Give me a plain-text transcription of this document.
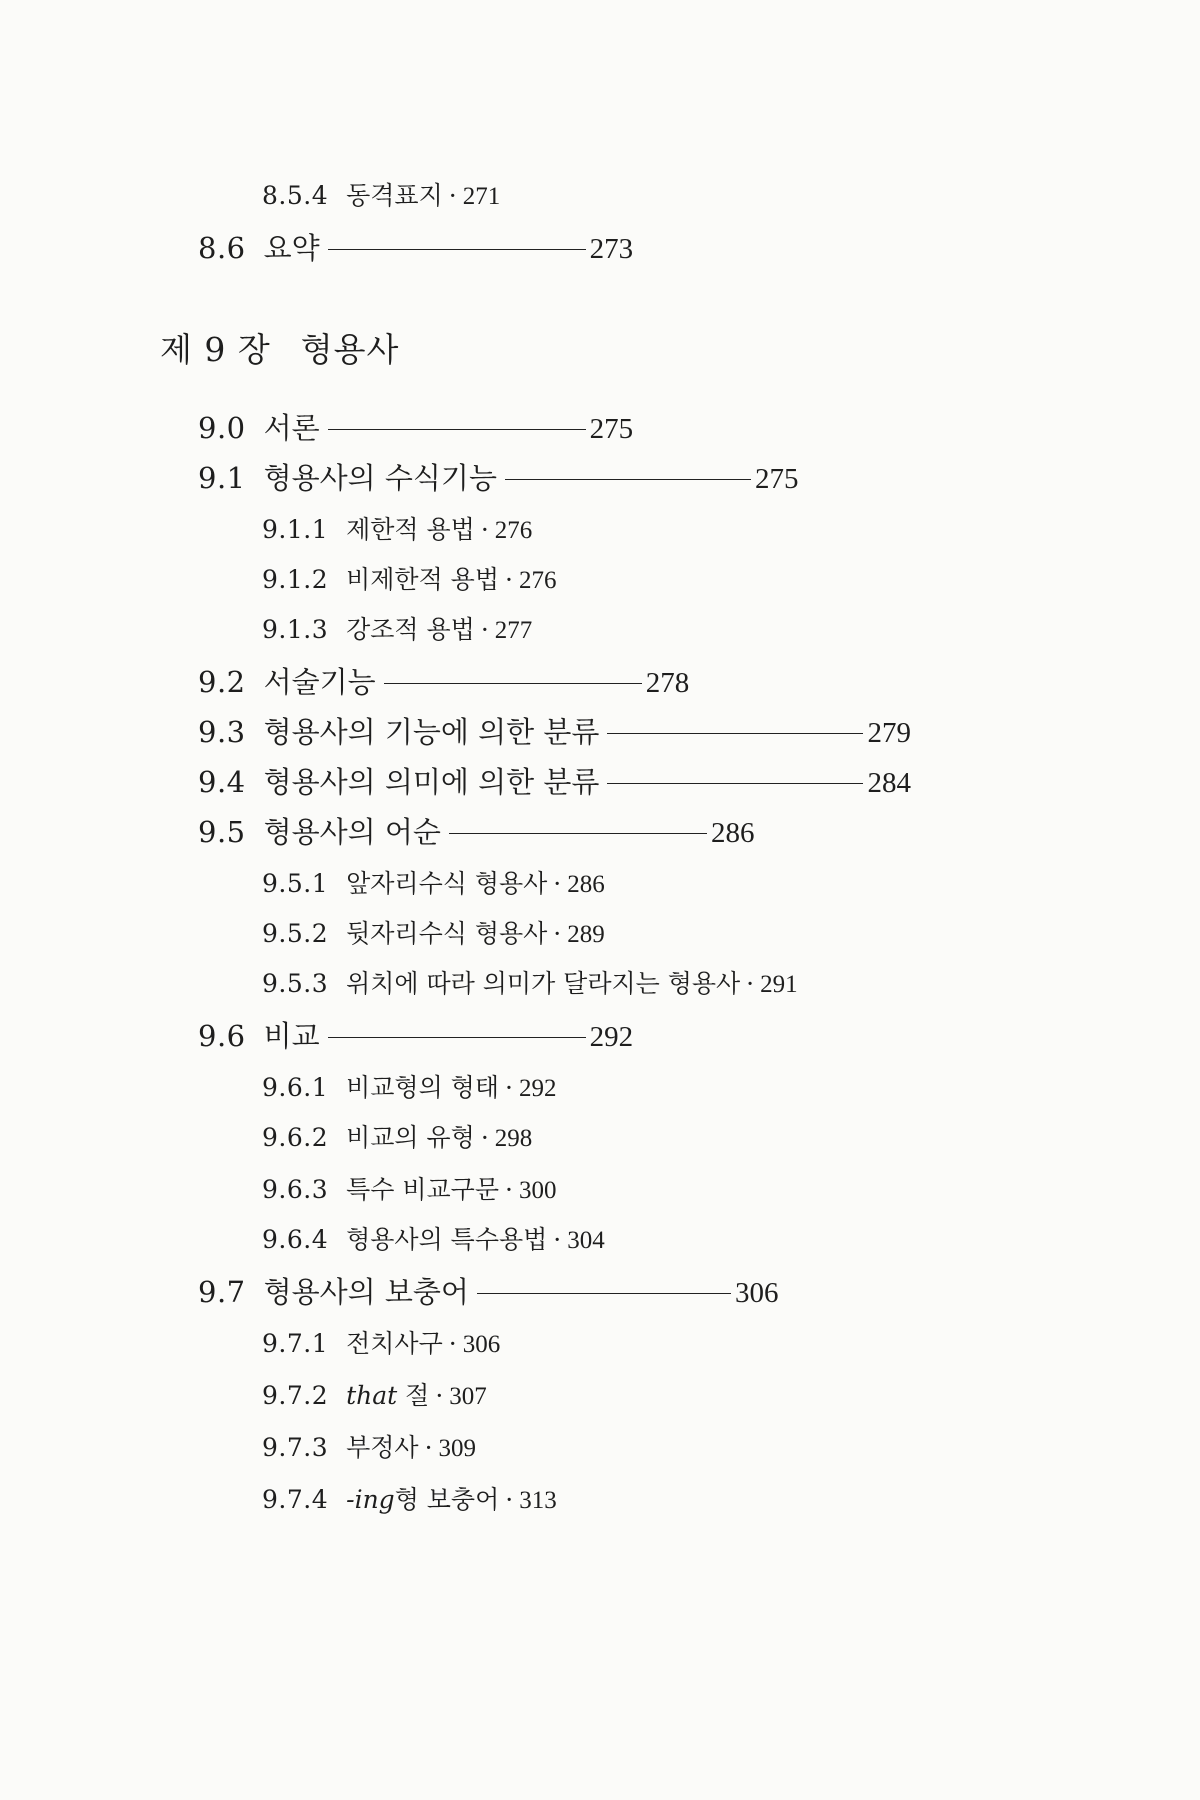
8.5.4 동격표지 · 271
8.6 요약	273
제 9 장 형용사
9.0 서론	275
9.1 형용사의 수식기능	275
9.1.1 제한적 용법 · 276
9.1.2 비제한적 용법 · 276
9.1.3 강조적 용법 · 277
9.2 서술기능	278
9.3 형용사의 기능에 의한 분류	279
9.4 형용사의 의미에 의한 분류	284
9.5 형용사의 어순	286
9.5.1 앞자리수식 형용사 · 286
9.5.2 뒷자리수식 형용사 · 289
9.5.3 위치에 따라 의미가 달라지는 형용사 · 291
9.6 비교	292
9.6.1 비교형의 형태 · 292
9.6.2 비교의 유형 · 298
9.6.3 특수 비교구문 · 300
9.6.4 형용사의 특수용법 · 304
9.7 형용사의 보충어	306
9.7.1 전치사구 · 306
9.7.2 that 절 · 307
9.7.3 부정사 · 309
9.7.4 -ing형 보충어 · 313
